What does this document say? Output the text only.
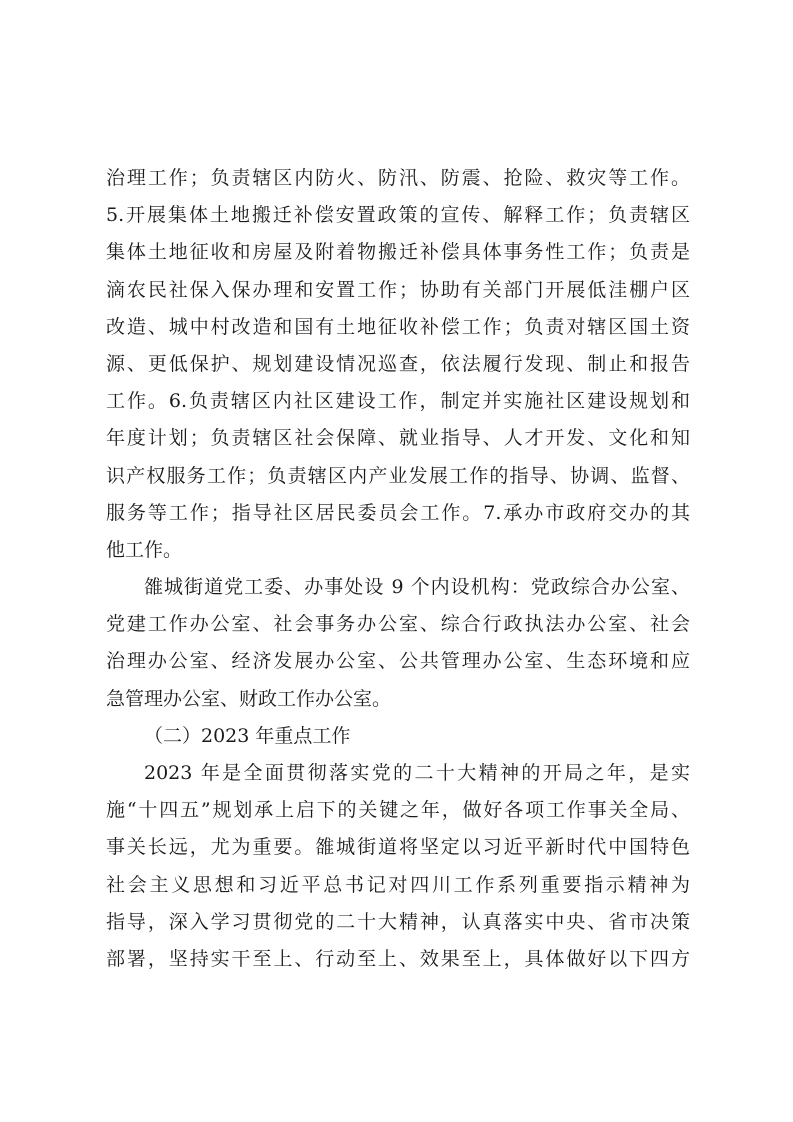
治理工作；负责辖区内防火、防汛、防震、抢险、救灾等工作。
5.开展集体土地搬迁补偿安置政策的宣传、解释工作；负责辖区
集体土地征收和房屋及附着物搬迁补偿具体事务性工作；负责是
滴农民社保入保办理和安置工作；协助有关部门开展低洼棚户区
改造、城中村改造和国有土地征收补偿工作；负责对辖区国土资
源、更低保护、规划建设情况巡查，依法履行发现、制止和报告
工作。6.负责辖区内社区建设工作，制定并实施社区建设规划和
年度计划；负责辖区社会保障、就业指导、人才开发、文化和知
识产权服务工作；负责辖区内产业发展工作的指导、协调、监督、
服务等工作；指导社区居民委员会工作。7.承办市政府交办的其
他工作。
雒城街道党工委、办事处设 9 个内设机构：党政综合办公室、
党建工作办公室、社会事务办公室、综合行政执法办公室、社会
治理办公室、经济发展办公室、公共管理办公室、生态环境和应
急管理办公室、财政工作办公室。
（二）2023 年重点工作
2023 年是全面贯彻落实党的二十大精神的开局之年，是实
施“十四五”规划承上启下的关键之年，做好各项工作事关全局、
事关长远，尤为重要。雒城街道将坚定以习近平新时代中国特色
社会主义思想和习近平总书记对四川工作系列重要指示精神为
指导，深入学习贯彻党的二十大精神，认真落实中央、省市决策
部署，坚持实干至上、行动至上、效果至上，具体做好以下四方
